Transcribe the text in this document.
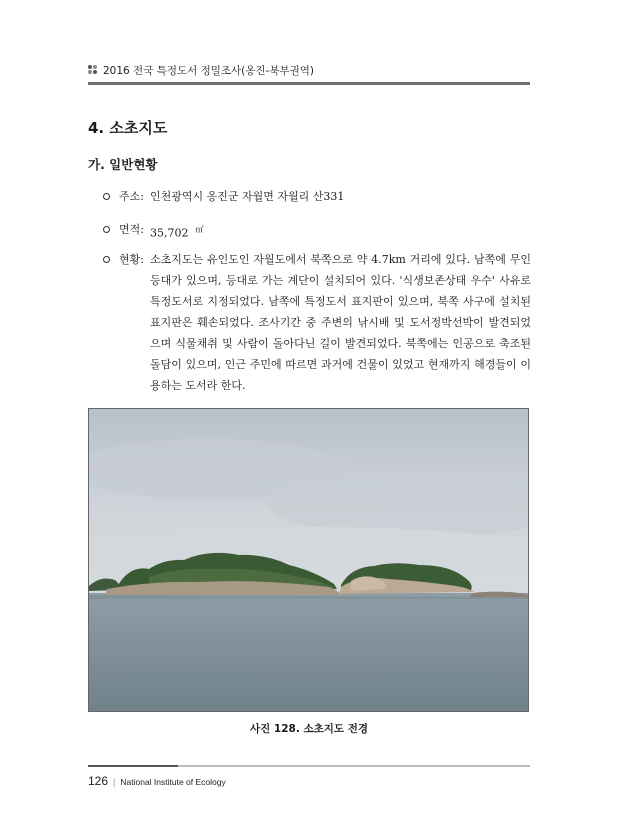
2016 전국 특정도서 정밀조사(옹진-북부권역)
4. 소초지도
가. 일반현황
주소: 인천광역시 옹진군 자월면 자월리 산331
면적: 35,702 ㎡
현황: 소초지도는 유인도인 자월도에서 북쪽으로 약 4.7km 거리에 있다. 남쪽에 무인등대가 있으며, 등대로 가는 계단이 설치되어 있다. '식생보존상태 우수' 사유로 특정도서로 지정되었다. 남쪽에 특정도서 표지판이 있으며, 북쪽 사구에 설치된 표지판은 훼손되었다. 조사기간 중 주변의 낚시배 및 도서정박선박이 발견되었으며 식물채취 및 사람이 돌아다닌 길이 발견되었다. 북쪽에는 인공으로 축조된 돌담이 있으며, 인근 주민에 따르면 과거에 건물이 있었고 현재까지 해경들이 이용하는 도서라 한다.
사진 128. 소초지도 전경
126 | National Institute of Ecology
